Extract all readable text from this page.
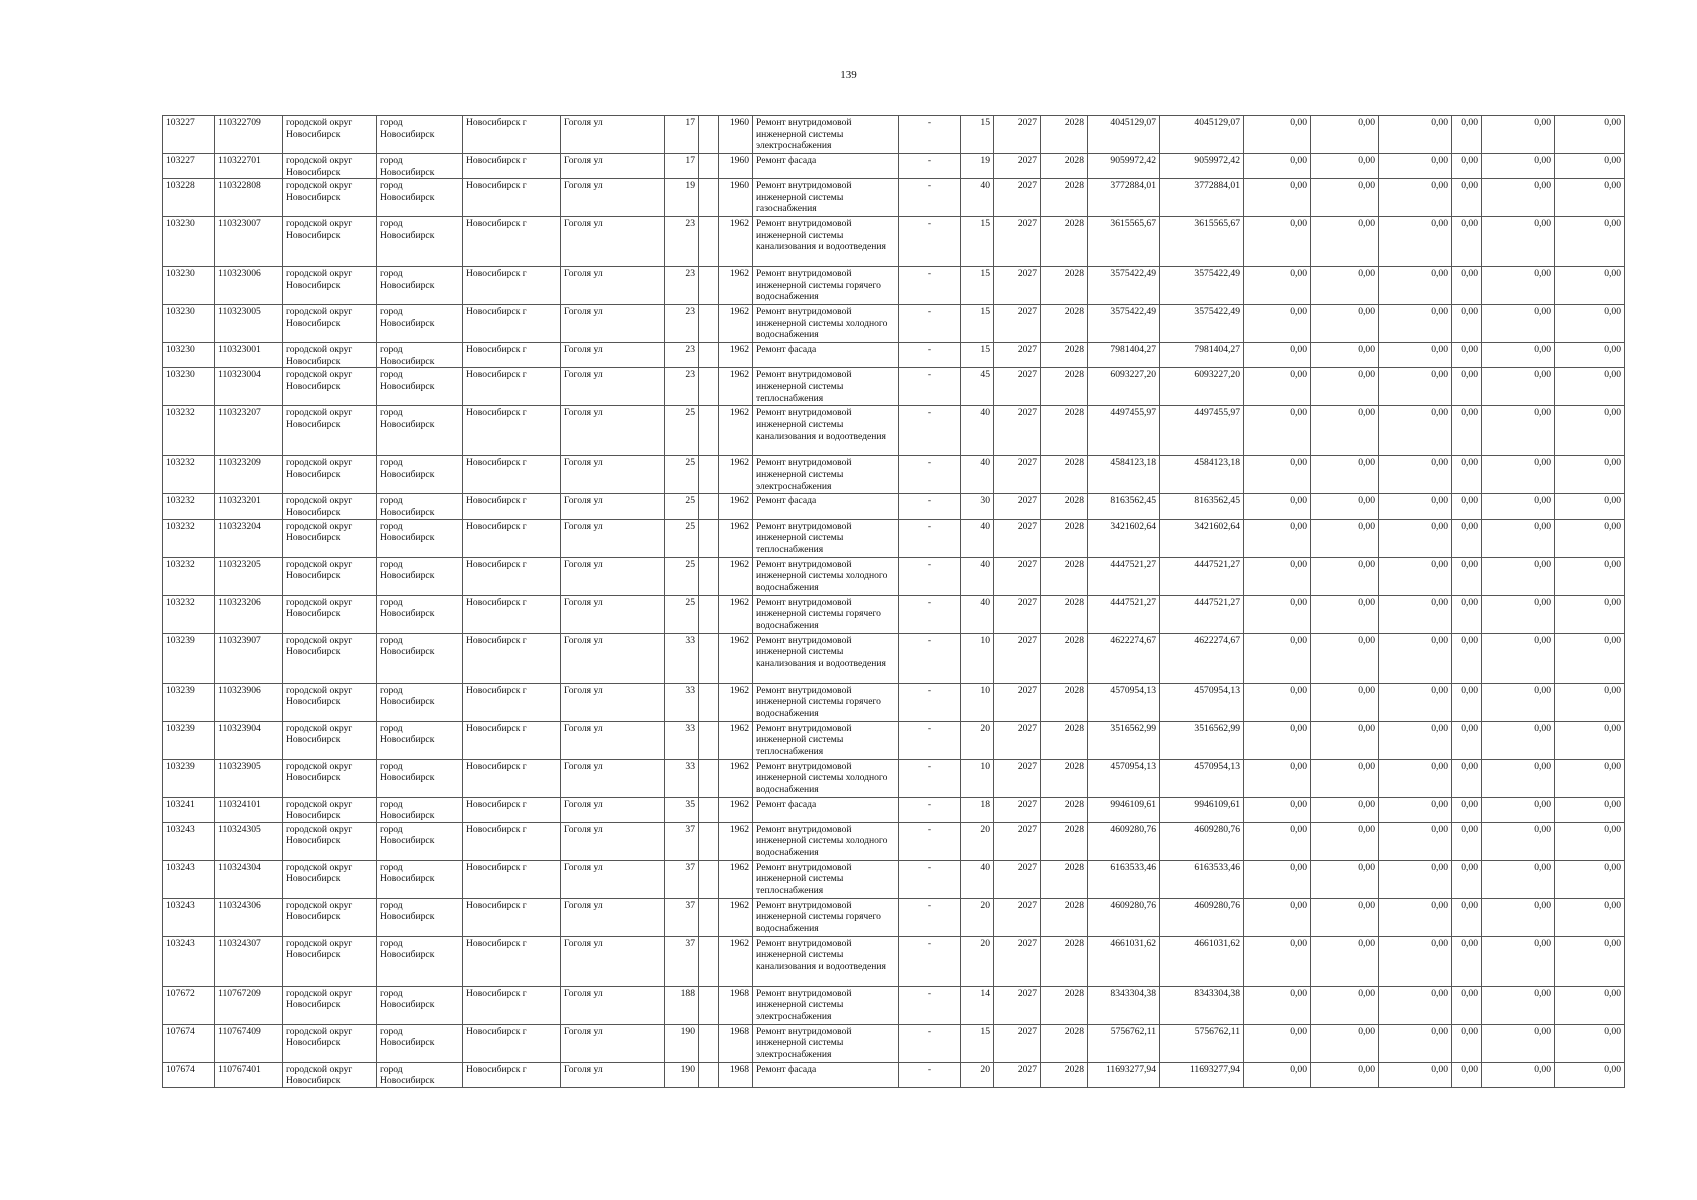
139
103227	110322709	городской округ Новосибирск	город Новосибирск	Новосибирск г	Гоголя ул	17		1960	Ремонт внутридомовой инженерной системы электроснабжения	-	15	2027	2028	4045129,07	4045129,07	0,00	0,00	0,00	0,00	0,00	0,00
103227	110322701	городской округ Новосибирск	город Новосибирск	Новосибирск г	Гоголя ул	17		1960	Ремонт фасада	-	19	2027	2028	9059972,42	9059972,42	0,00	0,00	0,00	0,00	0,00	0,00
103228	110322808	городской округ Новосибирск	город Новосибирск	Новосибирск г	Гоголя ул	19		1960	Ремонт внутридомовой инженерной системы газоснабжения	-	40	2027	2028	3772884,01	3772884,01	0,00	0,00	0,00	0,00	0,00	0,00
103230	110323007	городской округ Новосибирск	город Новосибирск	Новосибирск г	Гоголя ул	23		1962	Ремонт внутридомовой инженерной системы канализования и водоотведения	-	15	2027	2028	3615565,67	3615565,67	0,00	0,00	0,00	0,00	0,00	0,00
103230	110323006	городской округ Новосибирск	город Новосибирск	Новосибирск г	Гоголя ул	23		1962	Ремонт внутридомовой инженерной системы горячего водоснабжения	-	15	2027	2028	3575422,49	3575422,49	0,00	0,00	0,00	0,00	0,00	0,00
103230	110323005	городской округ Новосибирск	город Новосибирск	Новосибирск г	Гоголя ул	23		1962	Ремонт внутридомовой инженерной системы холодного водоснабжения	-	15	2027	2028	3575422,49	3575422,49	0,00	0,00	0,00	0,00	0,00	0,00
103230	110323001	городской округ Новосибирск	город Новосибирск	Новосибирск г	Гоголя ул	23		1962	Ремонт фасада	-	15	2027	2028	7981404,27	7981404,27	0,00	0,00	0,00	0,00	0,00	0,00
103230	110323004	городской округ Новосибирск	город Новосибирск	Новосибирск г	Гоголя ул	23		1962	Ремонт внутридомовой инженерной системы теплоснабжения	-	45	2027	2028	6093227,20	6093227,20	0,00	0,00	0,00	0,00	0,00	0,00
103232	110323207	городской округ Новосибирск	город Новосибирск	Новосибирск г	Гоголя ул	25		1962	Ремонт внутридомовой инженерной системы канализования и водоотведения	-	40	2027	2028	4497455,97	4497455,97	0,00	0,00	0,00	0,00	0,00	0,00
103232	110323209	городской округ Новосибирск	город Новосибирск	Новосибирск г	Гоголя ул	25		1962	Ремонт внутридомовой инженерной системы электроснабжения	-	40	2027	2028	4584123,18	4584123,18	0,00	0,00	0,00	0,00	0,00	0,00
103232	110323201	городской округ Новосибирск	город Новосибирск	Новосибирск г	Гоголя ул	25		1962	Ремонт фасада	-	30	2027	2028	8163562,45	8163562,45	0,00	0,00	0,00	0,00	0,00	0,00
103232	110323204	городской округ Новосибирск	город Новосибирск	Новосибирск г	Гоголя ул	25		1962	Ремонт внутридомовой инженерной системы теплоснабжения	-	40	2027	2028	3421602,64	3421602,64	0,00	0,00	0,00	0,00	0,00	0,00
103232	110323205	городской округ Новосибирск	город Новосибирск	Новосибирск г	Гоголя ул	25		1962	Ремонт внутридомовой инженерной системы холодного водоснабжения	-	40	2027	2028	4447521,27	4447521,27	0,00	0,00	0,00	0,00	0,00	0,00
103232	110323206	городской округ Новосибирск	город Новосибирск	Новосибирск г	Гоголя ул	25		1962	Ремонт внутридомовой инженерной системы горячего водоснабжения	-	40	2027	2028	4447521,27	4447521,27	0,00	0,00	0,00	0,00	0,00	0,00
103239	110323907	городской округ Новосибирск	город Новосибирск	Новосибирск г	Гоголя ул	33		1962	Ремонт внутридомовой инженерной системы канализования и водоотведения	-	10	2027	2028	4622274,67	4622274,67	0,00	0,00	0,00	0,00	0,00	0,00
103239	110323906	городской округ Новосибирск	город Новосибирск	Новосибирск г	Гоголя ул	33		1962	Ремонт внутридомовой инженерной системы горячего водоснабжения	-	10	2027	2028	4570954,13	4570954,13	0,00	0,00	0,00	0,00	0,00	0,00
103239	110323904	городской округ Новосибирск	город Новосибирск	Новосибирск г	Гоголя ул	33		1962	Ремонт внутридомовой инженерной системы теплоснабжения	-	20	2027	2028	3516562,99	3516562,99	0,00	0,00	0,00	0,00	0,00	0,00
103239	110323905	городской округ Новосибирск	город Новосибирск	Новосибирск г	Гоголя ул	33		1962	Ремонт внутридомовой инженерной системы холодного водоснабжения	-	10	2027	2028	4570954,13	4570954,13	0,00	0,00	0,00	0,00	0,00	0,00
103241	110324101	городской округ Новосибирск	город Новосибирск	Новосибирск г	Гоголя ул	35		1962	Ремонт фасада	-	18	2027	2028	9946109,61	9946109,61	0,00	0,00	0,00	0,00	0,00	0,00
103243	110324305	городской округ Новосибирск	город Новосибирск	Новосибирск г	Гоголя ул	37		1962	Ремонт внутридомовой инженерной системы холодного водоснабжения	-	20	2027	2028	4609280,76	4609280,76	0,00	0,00	0,00	0,00	0,00	0,00
103243	110324304	городской округ Новосибирск	город Новосибирск	Новосибирск г	Гоголя ул	37		1962	Ремонт внутридомовой инженерной системы теплоснабжения	-	40	2027	2028	6163533,46	6163533,46	0,00	0,00	0,00	0,00	0,00	0,00
103243	110324306	городской округ Новосибирск	город Новосибирск	Новосибирск г	Гоголя ул	37		1962	Ремонт внутридомовой инженерной системы горячего водоснабжения	-	20	2027	2028	4609280,76	4609280,76	0,00	0,00	0,00	0,00	0,00	0,00
103243	110324307	городской округ Новосибирск	город Новосибирск	Новосибирск г	Гоголя ул	37		1962	Ремонт внутридомовой инженерной системы канализования и водоотведения	-	20	2027	2028	4661031,62	4661031,62	0,00	0,00	0,00	0,00	0,00	0,00
107672	110767209	городской округ Новосибирск	город Новосибирск	Новосибирск г	Гоголя ул	188		1968	Ремонт внутридомовой инженерной системы электроснабжения	-	14	2027	2028	8343304,38	8343304,38	0,00	0,00	0,00	0,00	0,00	0,00
107674	110767409	городской округ Новосибирск	город Новосибирск	Новосибирск г	Гоголя ул	190		1968	Ремонт внутридомовой инженерной системы электроснабжения	-	15	2027	2028	5756762,11	5756762,11	0,00	0,00	0,00	0,00	0,00	0,00
107674	110767401	городской округ Новосибирск	город Новосибирск	Новосибирск г	Гоголя ул	190		1968	Ремонт фасада	-	20	2027	2028	11693277,94	11693277,94	0,00	0,00	0,00	0,00	0,00	0,00
